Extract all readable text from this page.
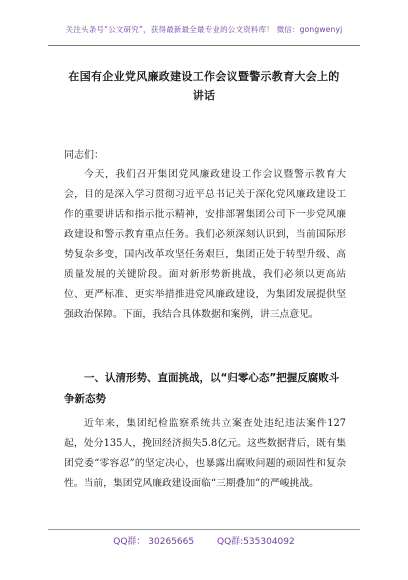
关注头条号“公文研究”，获得最新最全最专业的公文资料库！ 微信：gongwenyj
在国有企业党风廉政建设工作会议暨警示教育大会上的讲话
同志们：
今天，我们召开集团党风廉政建设工作会议暨警示教育大会，目的是深入学习贯彻习近平总书记关于深化党风廉政建设工作的重要讲话和指示批示精神，安排部署集团公司下一步党风廉政建设和警示教育重点任务。我们必须深刻认识到，当前国际形势复杂多变，国内改革攻坚任务艰巨，集团正处于转型升级、高质量发展的关键阶段。面对新形势新挑战，我们必须以更高站位、更严标准、更实举措推进党风廉政建设，为集团发展提供坚强政治保障。下面，我结合具体数据和案例，讲三点意见。
一、认清形势、直面挑战，以“归零心态”把握反腐败斗争新态势
近年来，集团纪检监察系统共立案查处违纪违法案件127起，处分135人，挽回经济损失5.8亿元。这些数据背后，既有集团党委“零容忍”的坚定决心，也暴露出腐败问题的顽固性和复杂性。当前，集团党风廉政建设面临“三期叠加”的严峻挑战。
QQ群： 30265665	QQ群:535304092
